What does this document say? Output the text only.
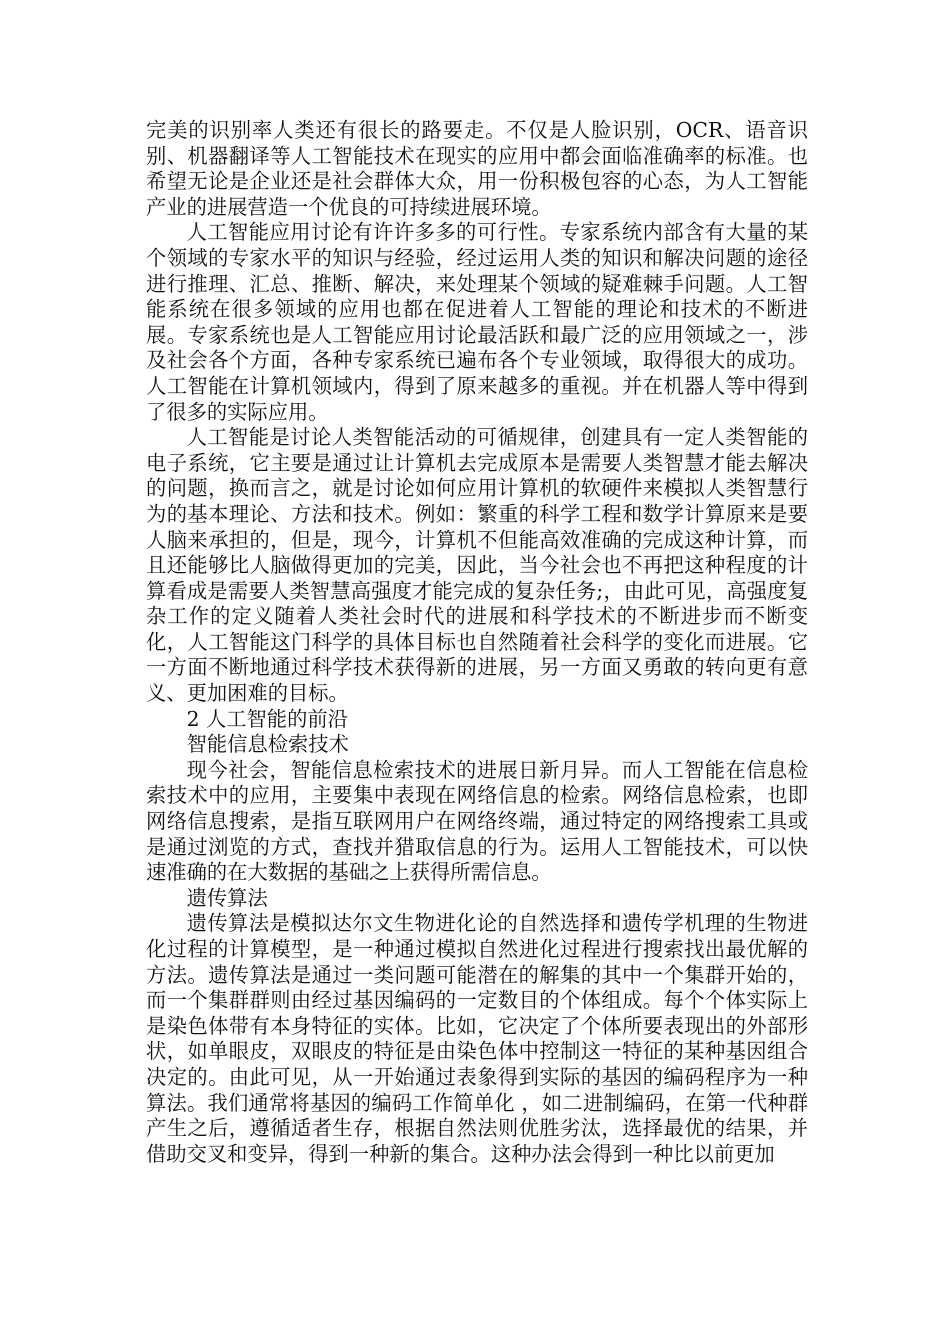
完美的识别率人类还有很长的路要走。不仅是人脸识别，OCR、语音识别、机器翻译等人工智能技术在现实的应用中都会面临准确率的标准。也希望无论是企业还是社会群体大众，用一份积极包容的心态，为人工智能产业的进展营造一个优良的可持续进展环境。

人工智能应用讨论有许许多多的可行性。专家系统内部含有大量的某个领域的专家水平的知识与经验，经过运用人类的知识和解决问题的途径进行推理、汇总、推断、解决，来处理某个领域的疑难棘手问题。人工智能系统在很多领域的应用也都在促进着人工智能的理论和技术的不断进展。专家系统也是人工智能应用讨论最活跃和最广泛的应用领域之一，涉及社会各个方面，各种专家系统已遍布各个专业领域，取得很大的成功。人工智能在计算机领域内，得到了原来越多的重视。并在机器人等中得到了很多的实际应用。

人工智能是讨论人类智能活动的可循规律，创建具有一定人类智能的电子系统，它主要是通过让计算机去完成原本是需要人类智慧才能去解决的问题，换而言之，就是讨论如何应用计算机的软硬件来模拟人类智慧行为的基本理论、方法和技术。例如：繁重的科学工程和数学计算原来是要人脑来承担的，但是，现今，计算机不但能高效准确的完成这种计算，而且还能够比人脑做得更加的完美，因此，当今社会也不再把这种程度的计算看成是需要人类智慧高强度才能完成的复杂任务;，由此可见，高强度复杂工作的定义随着人类社会时代的进展和科学技术的不断进步而不断变化，人工智能这门科学的具体目标也自然随着社会科学的变化而进展。它一方面不断地通过科学技术获得新的进展，另一方面又勇敢的转向更有意义、更加困难的目标。

2 人工智能的前沿

智能信息检索技术

现今社会，智能信息检索技术的进展日新月异。而人工智能在信息检索技术中的应用，主要集中表现在网络信息的检索。网络信息检索，也即网络信息搜索，是指互联网用户在网络终端，通过特定的网络搜索工具或是通过浏览的方式，查找并猎取信息的行为。运用人工智能技术，可以快速准确的在大数据的基础之上获得所需信息。

遗传算法

遗传算法是模拟达尔文生物进化论的自然选择和遗传学机理的生物进化过程的计算模型，是一种通过模拟自然进化过程进行搜索找出最优解的方法。遗传算法是通过一类问题可能潜在的解集的其中一个集群开始的，而一个集群群则由经过基因编码的一定数目的个体组成。每个个体实际上是染色体带有本身特征的实体。比如，它决定了个体所要表现出的外部形状，如单眼皮，双眼皮的特征是由染色体中控制这一特征的某种基因组合决定的。由此可见，从一开始通过表象得到实际的基因的编码程序为一种算法。我们通常将基因的编码工作简单化 ，如二进制编码，在第一代种群产生之后，遵循适者生存，根据自然法则优胜劣汰，选择最优的结果，并借助交叉和变异，得到一种新的集合。这种办法会得到一种比以前更加
